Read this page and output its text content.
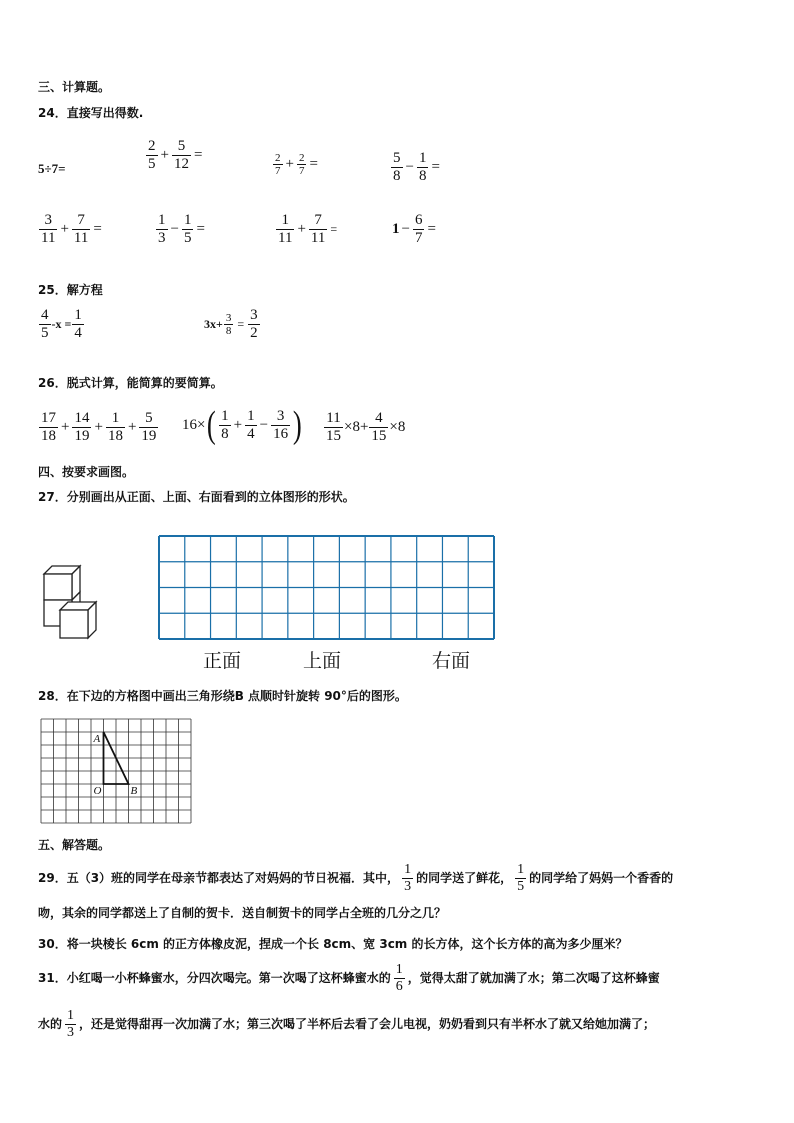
三、计算题。
24．直接写出得数.
5÷7=	$\frac{2}{5} + \frac{5}{12}$ =	$\frac{2}{7} + \frac{2}{7}$ =	$\frac{5}{8} - \frac{1}{8}$ =
$\frac{3}{11} + \frac{7}{11}$ =	$\frac{1}{3} - \frac{1}{5}$ =	$\frac{1}{11} + \frac{7}{11}$ =	$1 - \frac{6}{7}$ =
25．解方程
$\frac{4}{5} -x = \frac{1}{4}$	$3x+ \frac{3}{8} = \frac{3}{2}$
26．脱式计算，能简算的要简算。
$\frac{17}{18} + \frac{14}{19} + \frac{1}{18} + \frac{5}{19} 16\times$ ( $\frac{1}{8} + \frac{1}{4} - \frac{3}{16}$ ) $\frac{11}{15} \times 8+ \frac{4}{15} \times 8$
四、按要求画图。
27．分别画出从正面、上面、右面看到的立体图形的形状。
正面	上面	右面
28．在下边的方格图中画出三角形绕B 点顺时针旋转 90°后的图形。
A
O	B
五、解答题。
29．五（3）班的同学在母亲节都表达了对妈妈的节日祝福．其中， $\frac{1}{3}$ 的同学送了鲜花， $\frac{1}{5}$ 的同学给了妈妈一个香香的
吻，其余的同学都送上了自制的贺卡．送自制贺卡的同学占全班的几分之几？
30．将一块棱长 6cm 的正方体橡皮泥，捏成一个长 8cm、宽 3cm 的长方体，这个长方体的高为多少厘米？
31．小红喝一小杯蜂蜜水，分四次喝完。第一次喝了这杯蜂蜜水的 $\frac{1}{6}$ ，觉得太甜了就加满了水；第二次喝了这杯蜂蜜
水的 $\frac{1}{3}$ ，还是觉得甜再一次加满了水；第三次喝了半杯后去看了会儿电视，奶奶看到只有半杯水了就又给她加满了；
